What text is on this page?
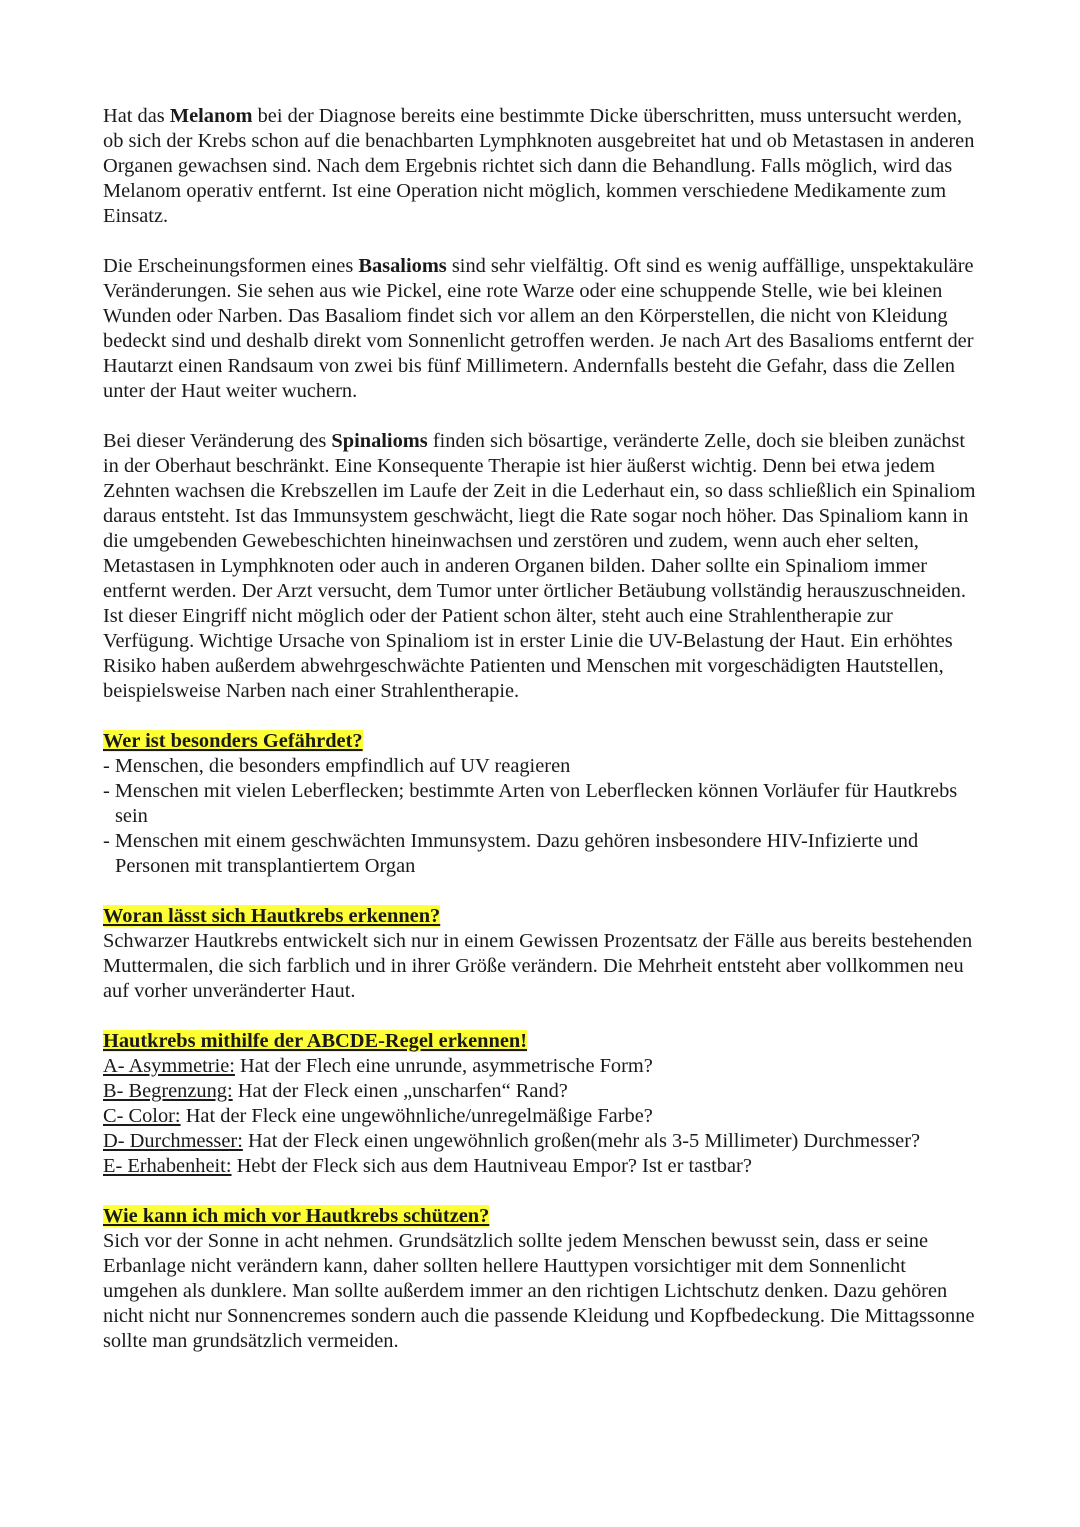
Hat das Melanom bei der Diagnose bereits eine bestimmte Dicke überschritten, muss untersucht werden, ob sich der Krebs schon auf die benachbarten Lymphknoten ausgebreitet hat und ob Metastasen in anderen Organen gewachsen sind. Nach dem Ergebnis richtet sich dann die Behandlung. Falls möglich, wird das Melanom operativ entfernt. Ist eine Operation nicht möglich, kommen verschiedene Medikamente zum Einsatz.

Die Erscheinungsformen eines Basalioms sind sehr vielfältig. Oft sind es wenig auffällige, unspektakuläre Veränderungen. Sie sehen aus wie Pickel, eine rote Warze oder eine schuppende Stelle, wie bei kleinen Wunden oder Narben. Das Basaliom findet sich vor allem an den Körperstellen, die nicht von Kleidung bedeckt sind und deshalb direkt vom Sonnenlicht getroffen werden. Je nach Art des Basalioms entfernt der Hautarzt einen Randsaum von zwei bis fünf Millimetern. Andernfalls besteht die Gefahr, dass die Zellen unter der Haut weiter wuchern.

Bei dieser Veränderung des Spinalioms finden sich bösartige, veränderte Zelle, doch sie bleiben zunächst in der Oberhaut beschränkt. Eine Konsequente Therapie ist hier äußerst wichtig. Denn bei etwa jedem Zehnten wachsen die Krebszellen im Laufe der Zeit in die Lederhaut ein, so dass schließlich ein Spinaliom daraus entsteht. Ist das Immunsystem geschwächt, liegt die Rate sogar noch höher. Das Spinaliom kann in die umgebenden Gewebeschichten hineinwachsen und zerstören und zudem, wenn auch eher selten, Metastasen in Lymphknoten oder auch in anderen Organen bilden. Daher sollte ein Spinaliom immer entfernt werden. Der Arzt versucht, dem Tumor unter örtlicher Betäubung vollständig herauszuschneiden. Ist dieser Eingriff nicht möglich oder der Patient schon älter, steht auch eine Strahlentherapie zur Verfügung. Wichtige Ursache von Spinaliom ist in erster Linie die UV-Belastung der Haut. Ein erhöhtes Risiko haben außerdem abwehrgeschwächte Patienten und Menschen mit vorgeschädigten Hautstellen, beispielsweise Narben nach einer Strahlentherapie.

Wer ist besonders Gefährdet?
- Menschen, die besonders empfindlich auf UV reagieren
- Menschen mit vielen Leberflecken; bestimmte Arten von Leberflecken können Vorläufer für Hautkrebs sein
- Menschen mit einem geschwächten Immunsystem. Dazu gehören insbesondere HIV-Infizierte und Personen mit transplantiertem Organ
Woran lässt sich Hautkrebs erkennen?

Schwarzer Hautkrebs entwickelt sich nur in einem Gewissen Prozentsatz der Fälle aus bereits bestehenden Muttermalen, die sich farblich und in ihrer Größe verändern. Die Mehrheit entsteht aber vollkommen neu auf vorher unveränderter Haut.

Hautkrebs mithilfe der ABCDE-Regel erkennen!

A- Asymmetrie: Hat der Flech eine unrunde, asymmetrische Form?

B- Begrenzung: Hat der Fleck einen „unscharfen“ Rand?

C- Color: Hat der Fleck eine ungewöhnliche/unregelmäßige Farbe?

D- Durchmesser: Hat der Fleck einen ungewöhnlich großen(mehr als 3-5 Millimeter) Durchmesser?

E- Erhabenheit: Hebt der Fleck sich aus dem Hautniveau Empor? Ist er tastbar?

Wie kann ich mich vor Hautkrebs schützen?

Sich vor der Sonne in acht nehmen. Grundsätzlich sollte jedem Menschen bewusst sein, dass er seine Erbanlage nicht verändern kann, daher sollten hellere Hauttypen vorsichtiger mit dem Sonnenlicht umgehen als dunklere. Man sollte außerdem immer an den richtigen Lichtschutz denken. Dazu gehören nicht nicht nur Sonnencremes sondern auch die passende Kleidung und Kopfbedeckung. Die Mittagssonne sollte man grundsätzlich vermeiden.
